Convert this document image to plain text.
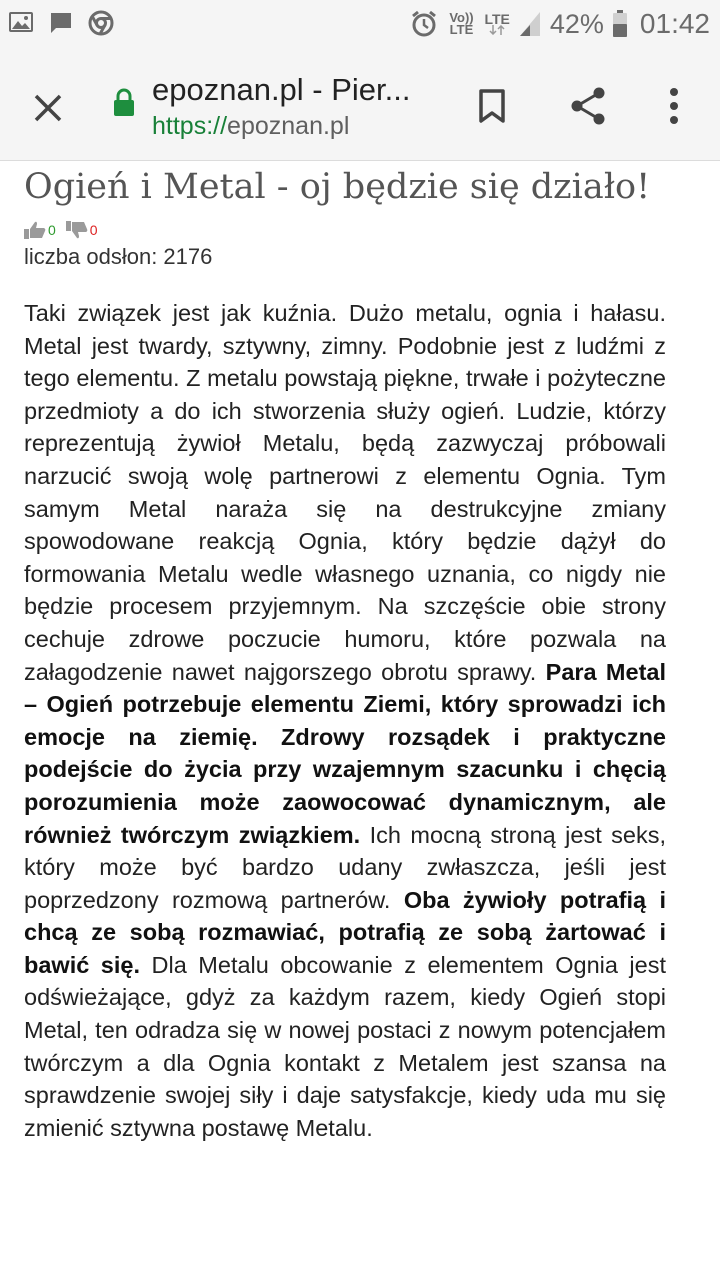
Vo)) LTE
LTE 42% 01:42
epoznan.pl - Pier...
https://epoznan.pl
Ogień i Metal - oj będzie się działo!
0 0
liczba odsłon: 2176

Taki związek jest jak kuźnia. Dużo metalu, ognia i hałasu. Metal jest twardy, sztywny, zimny. Podobnie jest z ludźmi z tego elementu. Z metalu powstają piękne, trwałe i pożyteczne przedmioty a do ich stworzenia służy ogień. Ludzie, którzy reprezentują żywioł Metalu, będą zazwyczaj próbowali narzucić swoją wolę partnerowi z elementu Ognia. Tym samym Metal naraża się na destrukcyjne zmiany spowodowane reakcją Ognia, który będzie dążył do formowania Metalu wedle własnego uznania, co nigdy nie będzie procesem przyjemnym. Na szczęście obie strony cechuje zdrowe poczucie humoru, które pozwala na załagodzenie nawet najgorszego obrotu sprawy. Para Metal – Ogień potrzebuje elementu Ziemi, który sprowadzi ich emocje na ziemię. Zdrowy rozsądek i praktyczne podejście do życia przy wzajemnym szacunku i chęcią porozumienia może zaowocować dynamicznym, ale również twórczym związkiem. Ich mocną stroną jest seks, który może być bardzo udany zwłaszcza, jeśli jest poprzedzony rozmową partnerów. Oba żywioły potrafią i chcą ze sobą rozmawiać, potrafią ze sobą żartować i bawić się. Dla Metalu obcowanie z elementem Ognia jest odświeżające, gdyż za każdym razem, kiedy Ogień stopi Metal, ten odradza się w nowej postaci z nowym potencjałem twórczym a dla Ognia kontakt z Metalem jest szansa na sprawdzenie swojej siły i daje satysfakcje, kiedy uda mu się zmienić sztywna postawę Metalu.
